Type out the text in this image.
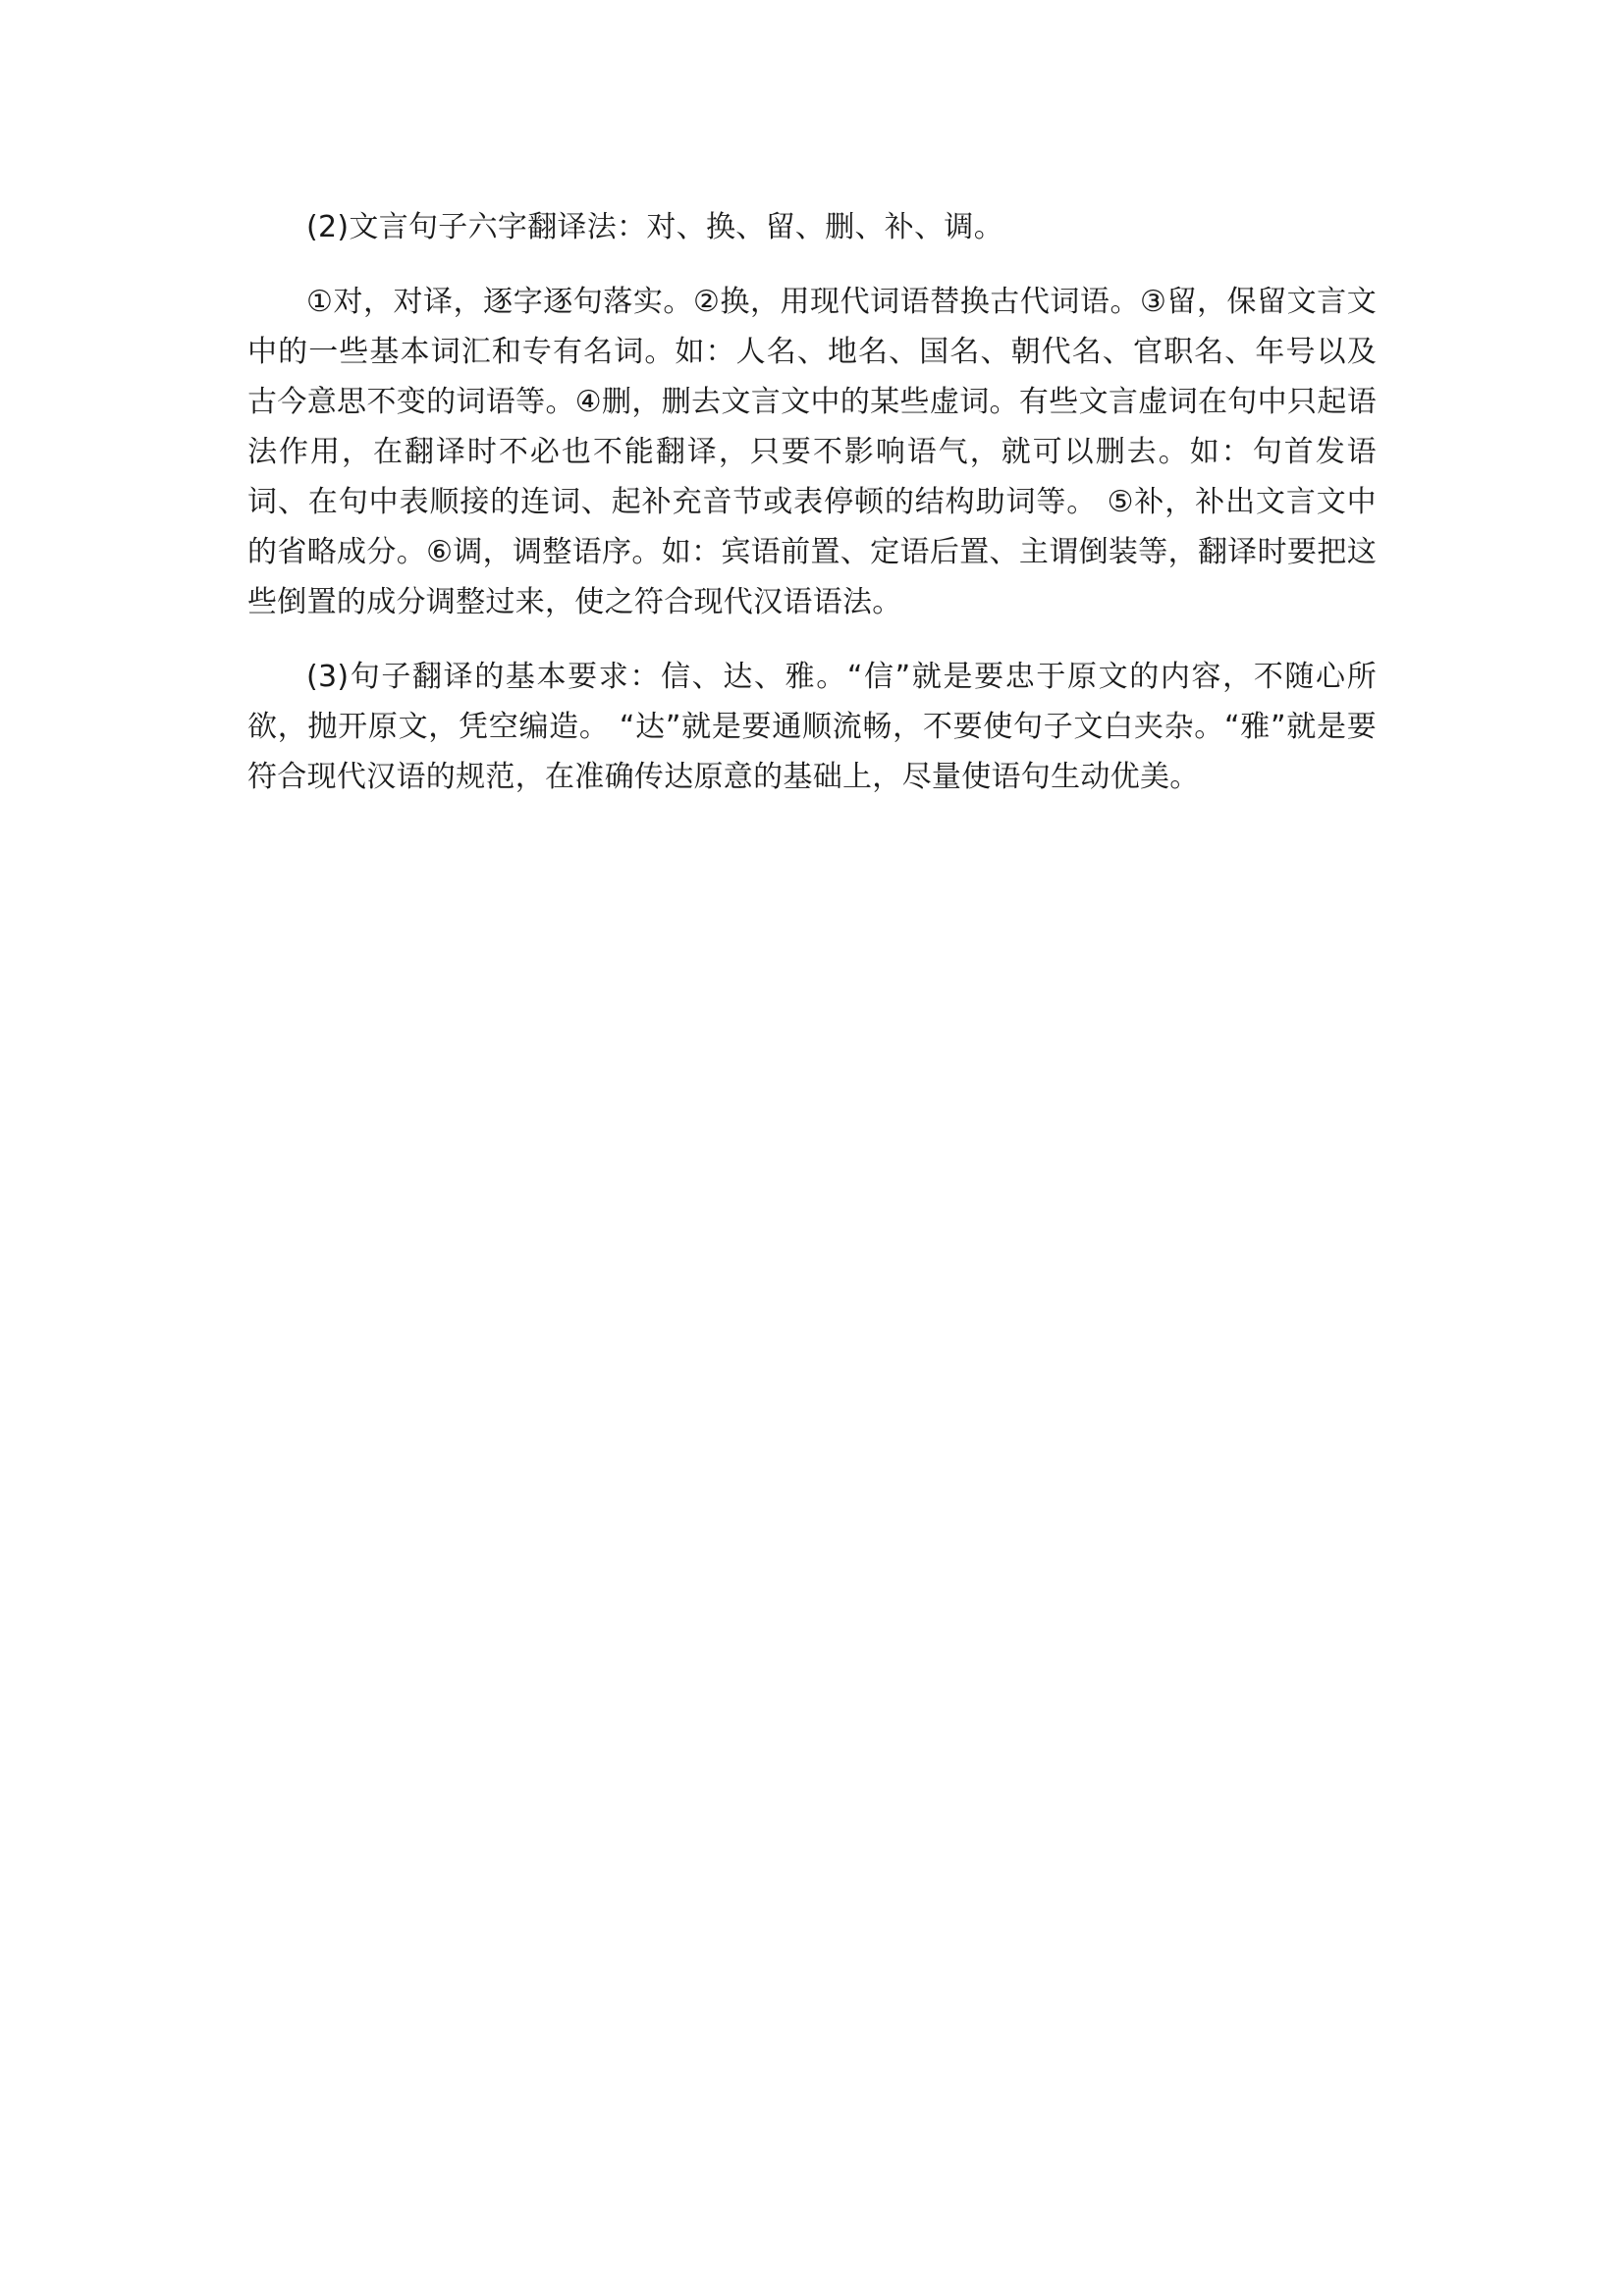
(2)文言句子六字翻译法：对、换、留、删、补、调。

①对，对译，逐字逐句落实。②换，用现代词语替换古代词语。③留，保留文言文中的一些基本词汇和专有名词。如：人名、地名、国名、朝代名、官职名、年号以及古今意思不变的词语等。④删，删去文言文中的某些虚词。有些文言虚词在句中只起语法作用，在翻译时不必也不能翻译，只要不影响语气，就可以删去。如：句首发语词、在句中表顺接的连词、起补充音节或表停顿的结构助词等。 ⑤补，补出文言文中的省略成分。⑥调，调整语序。如：宾语前置、定语后置、主谓倒装等，翻译时要把这些倒置的成分调整过来，使之符合现代汉语语法。

(3)句子翻译的基本要求：信、达、雅。“信”就是要忠于原文的内容，不随心所欲，抛开原文，凭空编造。 “达”就是要通顺流畅，不要使句子文白夹杂。“雅”就是要符合现代汉语的规范，在准确传达原意的基础上，尽量使语句生动优美。
